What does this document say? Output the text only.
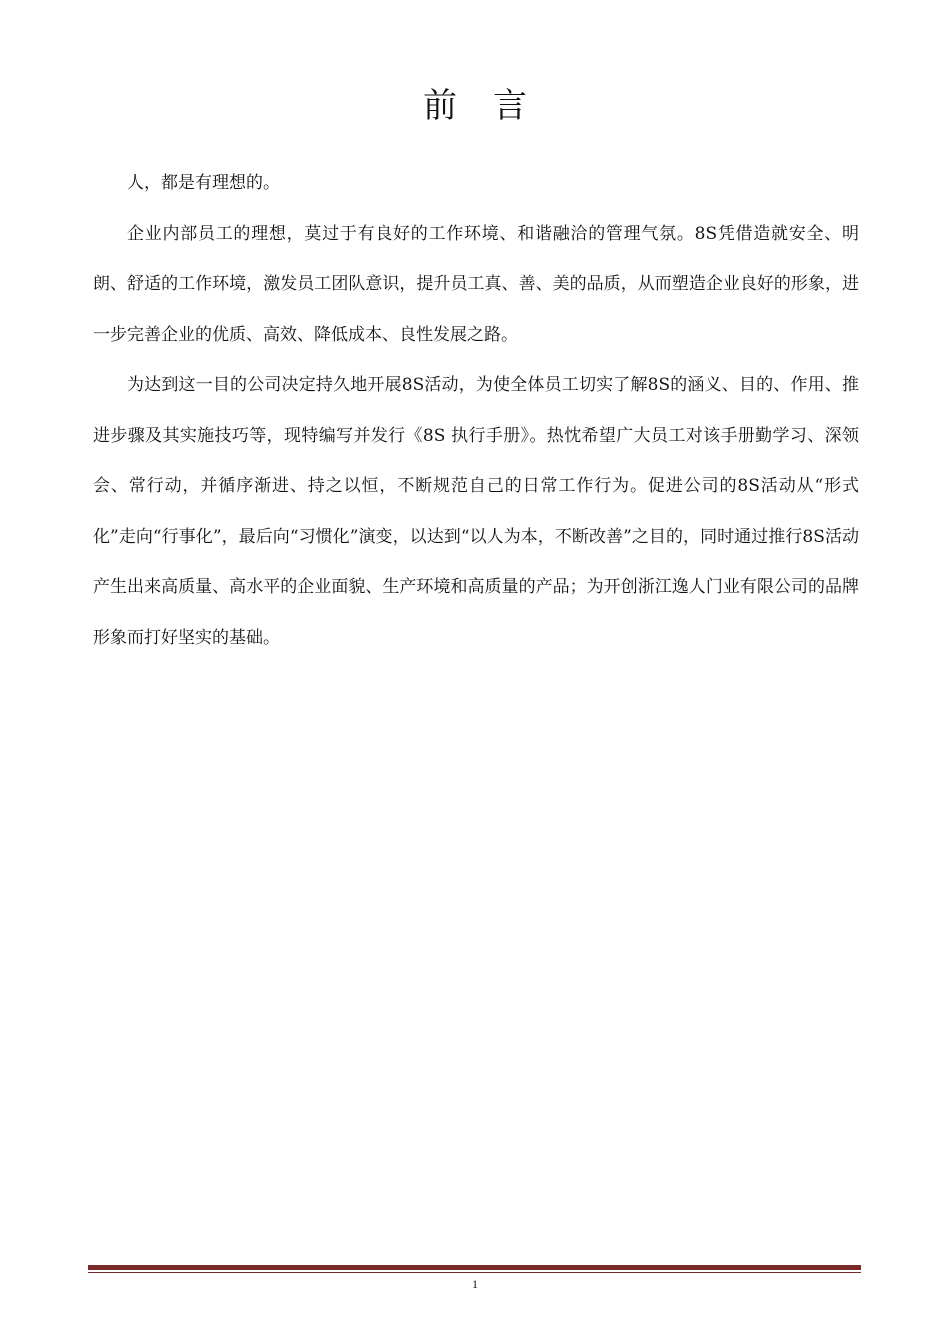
前言

人，都是有理想的。

企业内部员工的理想，莫过于有良好的工作环境、和谐融洽的管理气氛。8S凭借造就安全、明朗、舒适的工作环境，激发员工团队意识，提升员工真、善、美的品质，从而塑造企业良好的形象，进一步完善企业的优质、高效、降低成本、良性发展之路。

为达到这一目的公司决定持久地开展8S活动，为使全体员工切实了解8S的涵义、目的、作用、推进步骤及其实施技巧等，现特编写并发行《8S 执行手册》。热忱希望广大员工对该手册勤学习、深领会、常行动，并循序渐进、持之以恒，不断规范自己的日常工作行为。促进公司的8S活动从“形式化”走向“行事化”，最后向“习惯化”演变，以达到“以人为本，不断改善”之目的，同时通过推行8S活动产生出来高质量、高水平的企业面貌、生产环境和高质量的产品；为开创浙江逸人门业有限公司的品牌形象而打好坚实的基础。

1
